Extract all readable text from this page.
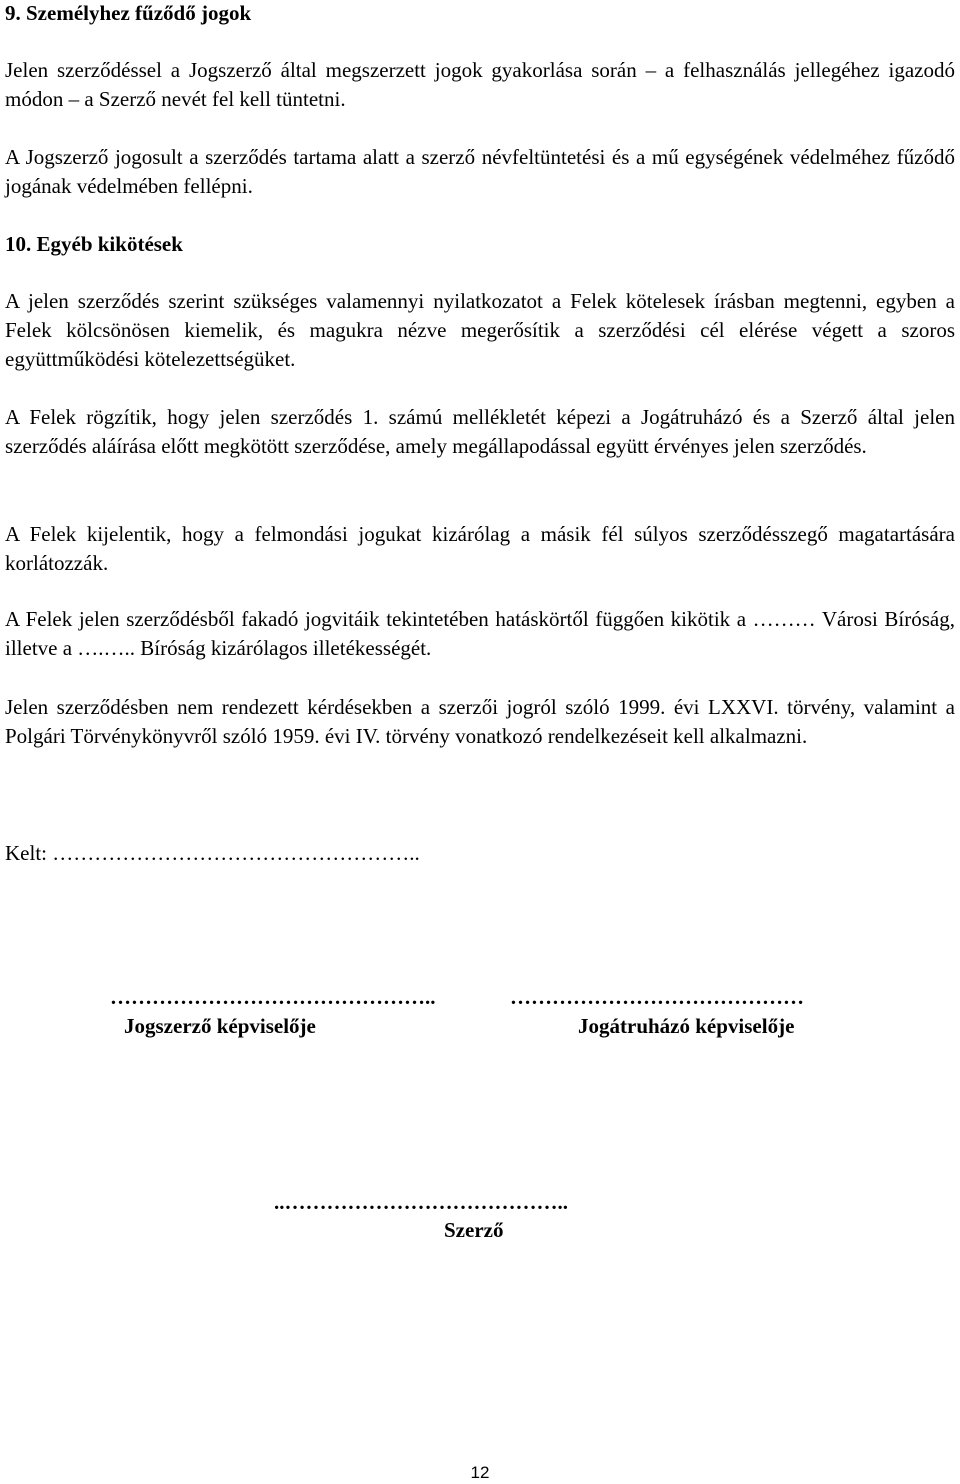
9. Személyhez fűződő jogok

Jelen szerződéssel a Jogszerző által megszerzett jogok gyakorlása során – a felhasználás jellegéhez igazodó módon – a Szerző nevét fel kell tüntetni.

A Jogszerző jogosult a szerződés tartama alatt a szerző névfeltüntetési és a mű egységének védelméhez fűződő jogának védelmében fellépni.

10. Egyéb kikötések

A jelen szerződés szerint szükséges valamennyi nyilatkozatot a Felek kötelesek írásban megtenni, egyben a Felek kölcsönösen kiemelik, és magukra nézve megerősítik a szerződési cél elérése végett a szoros együttműködési kötelezettségüket.

A Felek rögzítik, hogy jelen szerződés 1. számú mellékletét képezi a Jogátruházó és a Szerző által jelen szerződés aláírása előtt megkötött szerződése, amely megállapodással együtt érvényes jelen szerződés.

A Felek kijelentik, hogy a felmondási jogukat kizárólag a másik fél súlyos szerződésszegő magatartására korlátozzák.

A Felek jelen szerződésből fakadó jogvitáik tekintetében hatáskörtől függően kikötik a ……… Városi Bíróság, illetve a ….….. Bíróság kizárólagos illetékességét.

Jelen szerződésben nem rendezett kérdésekben a szerzői jogról szóló 1999. évi LXXVI. törvény, valamint a Polgári Törvénykönyvről szóló 1959. évi IV. törvény vonatkozó rendelkezéseit kell alkalmazni.

Kelt: ……………………………………………..

………………………………………..	……………………………………
Jogszerző képviselője	Jogátruházó képviselője
..…………………………………..
Szerző
12
